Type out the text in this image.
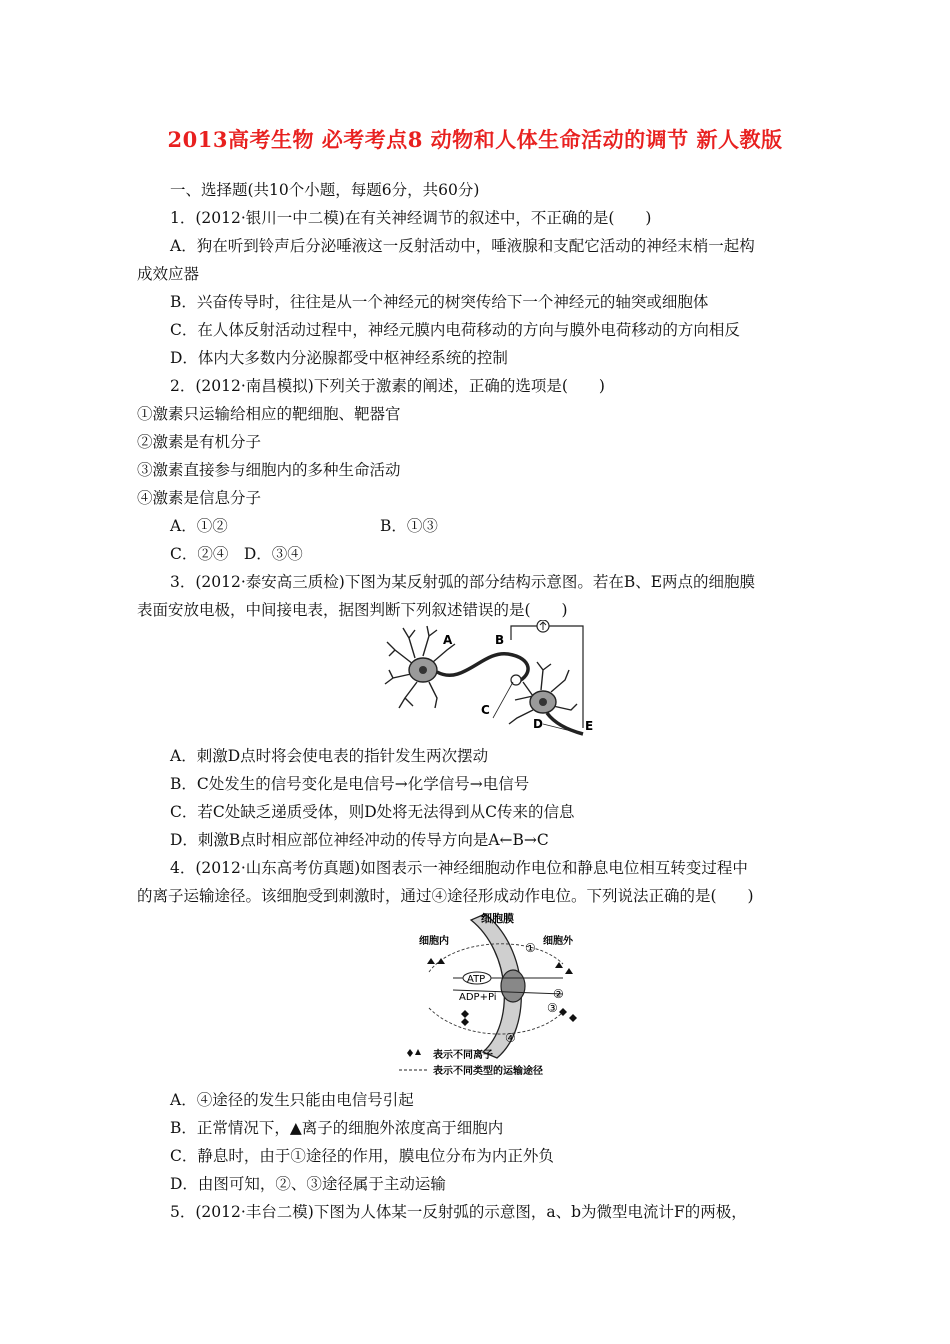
2013高考生物 必考考点8 动物和人体生命活动的调节 新人教版
一、选择题(共10个小题，每题6分，共60分)
1．(2012·银川一中二模)在有关神经调节的叙述中，不正确的是(　　)
A．狗在听到铃声后分泌唾液这一反射活动中，唾液腺和支配它活动的神经末梢一起构
成效应器
B．兴奋传导时，往往是从一个神经元的树突传给下一个神经元的轴突或细胞体
C．在人体反射活动过程中，神经元膜内电荷移动的方向与膜外电荷移动的方向相反
D．体内大多数内分泌腺都受中枢神经系统的控制
2．(2012·南昌模拟)下列关于激素的阐述，正确的选项是(　　)
①激素只运输给相应的靶细胞、靶器官
②激素是有机分子
③激素直接参与细胞内的多种生命活动
④激素是信息分子
A．①②	B．①③
C．②④　D．③④
3．(2012·泰安高三质检)下图为某反射弧的部分结构示意图。若在B、E两点的细胞膜
表面安放电极，中间接电表，据图判断下列叙述错误的是(　　)
A	B
C
D	E
A．刺激D点时将会使电表的指针发生两次摆动
B．C处发生的信号变化是电信号→化学信号→电信号
C．若C处缺乏递质受体，则D处将无法得到从C传来的信息
D．刺激B点时相应部位神经冲动的传导方向是A←B→C
4．(2012·山东高考仿真题)如图表示一神经细胞动作电位和静息电位相互转变过程中
的离子运输途径。该细胞受到刺激时，通过④途径形成动作电位。下列说法正确的是(　　)
ATP
ADP+Pi
细胞膜
细胞内	细胞外
①
②
③
④
表示不同离子
表示不同类型的运输途径
A．④途径的发生只能由电信号引起
B．正常情况下，▲离子的细胞外浓度高于细胞内
C．静息时，由于①途径的作用，膜电位分布为内正外负
D．由图可知，②、③途径属于主动运输
5．(2012·丰台二模)下图为人体某一反射弧的示意图，a、b为微型电流计F的两极，
